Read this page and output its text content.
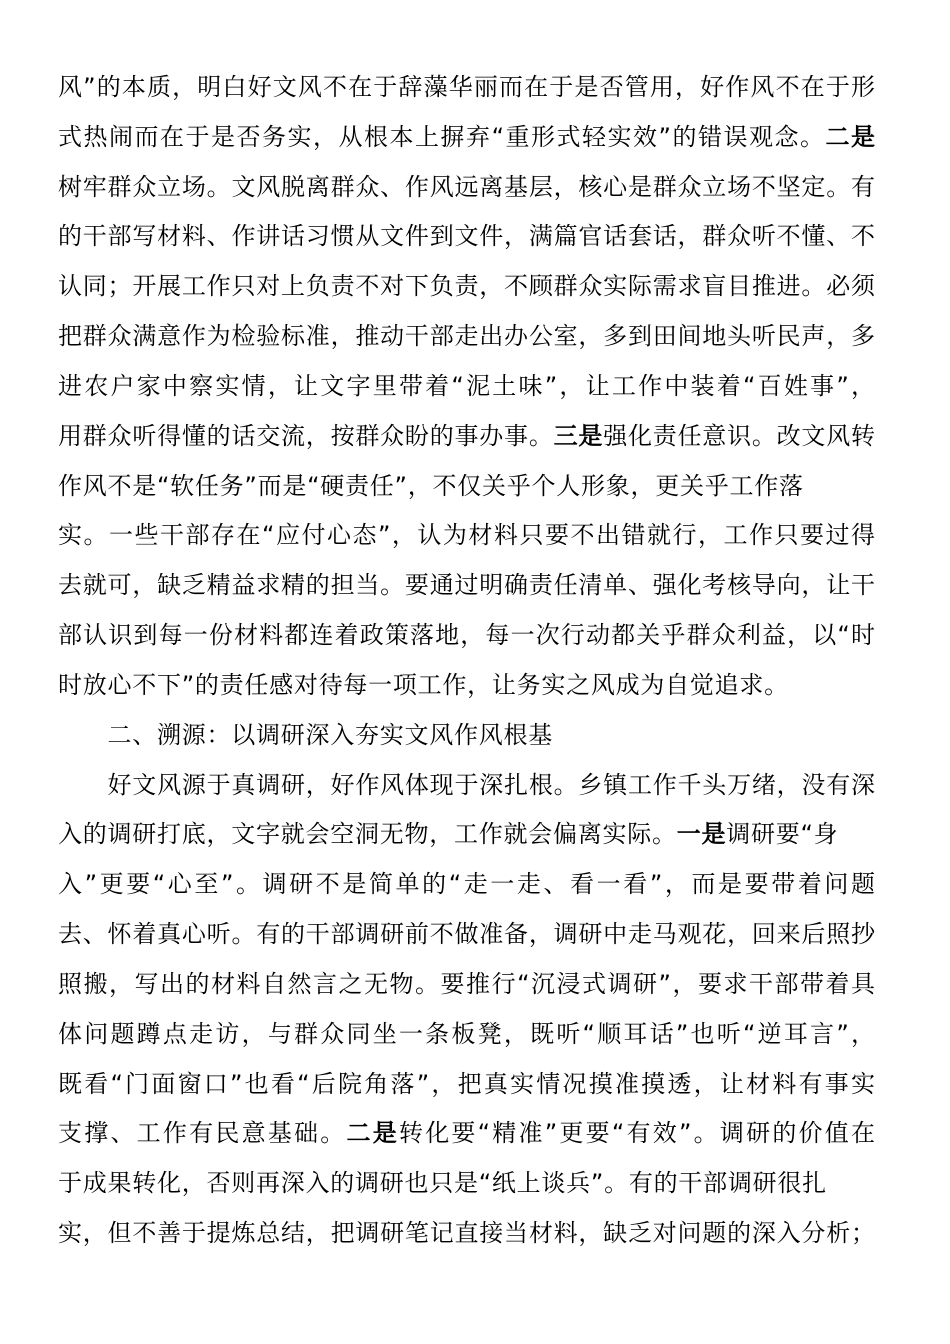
风”的本质，明白好文风不在于辞藻华丽而在于是否管用，好作风不在于形
式热闹而在于是否务实，从根本上摒弃“重形式轻实效”的错误观念。二是
树牢群众立场。文风脱离群众、作风远离基层，核心是群众立场不坚定。有
的干部写材料、作讲话习惯从文件到文件，满篇官话套话，群众听不懂、不
认同；开展工作只对上负责不对下负责，不顾群众实际需求盲目推进。必须
把群众满意作为检验标准，推动干部走出办公室，多到田间地头听民声，多
进农户家中察实情，让文字里带着“泥土味”，让工作中装着“百姓事”，
用群众听得懂的话交流，按群众盼的事办事。三是强化责任意识。改文风转
作风不是“软任务”而是“硬责任”，不仅关乎个人形象，更关乎工作落
实。一些干部存在“应付心态”，认为材料只要不出错就行，工作只要过得
去就可，缺乏精益求精的担当。要通过明确责任清单、强化考核导向，让干
部认识到每一份材料都连着政策落地，每一次行动都关乎群众利益，以“时
时放心不下”的责任感对待每一项工作，让务实之风成为自觉追求。
二、溯源：以调研深入夯实文风作风根基
好文风源于真调研，好作风体现于深扎根。乡镇工作千头万绪，没有深
入的调研打底，文字就会空洞无物，工作就会偏离实际。一是调研要“身
入”更要“心至”。调研不是简单的“走一走、看一看”，而是要带着问题
去、怀着真心听。有的干部调研前不做准备，调研中走马观花，回来后照抄
照搬，写出的材料自然言之无物。要推行“沉浸式调研”，要求干部带着具
体问题蹲点走访，与群众同坐一条板凳，既听“顺耳话”也听“逆耳言”，
既看“门面窗口”也看“后院角落”，把真实情况摸准摸透，让材料有事实
支撑、工作有民意基础。二是转化要“精准”更要“有效”。调研的价值在
于成果转化，否则再深入的调研也只是“纸上谈兵”。有的干部调研很扎
实，但不善于提炼总结，把调研笔记直接当材料，缺乏对问题的深入分析；
